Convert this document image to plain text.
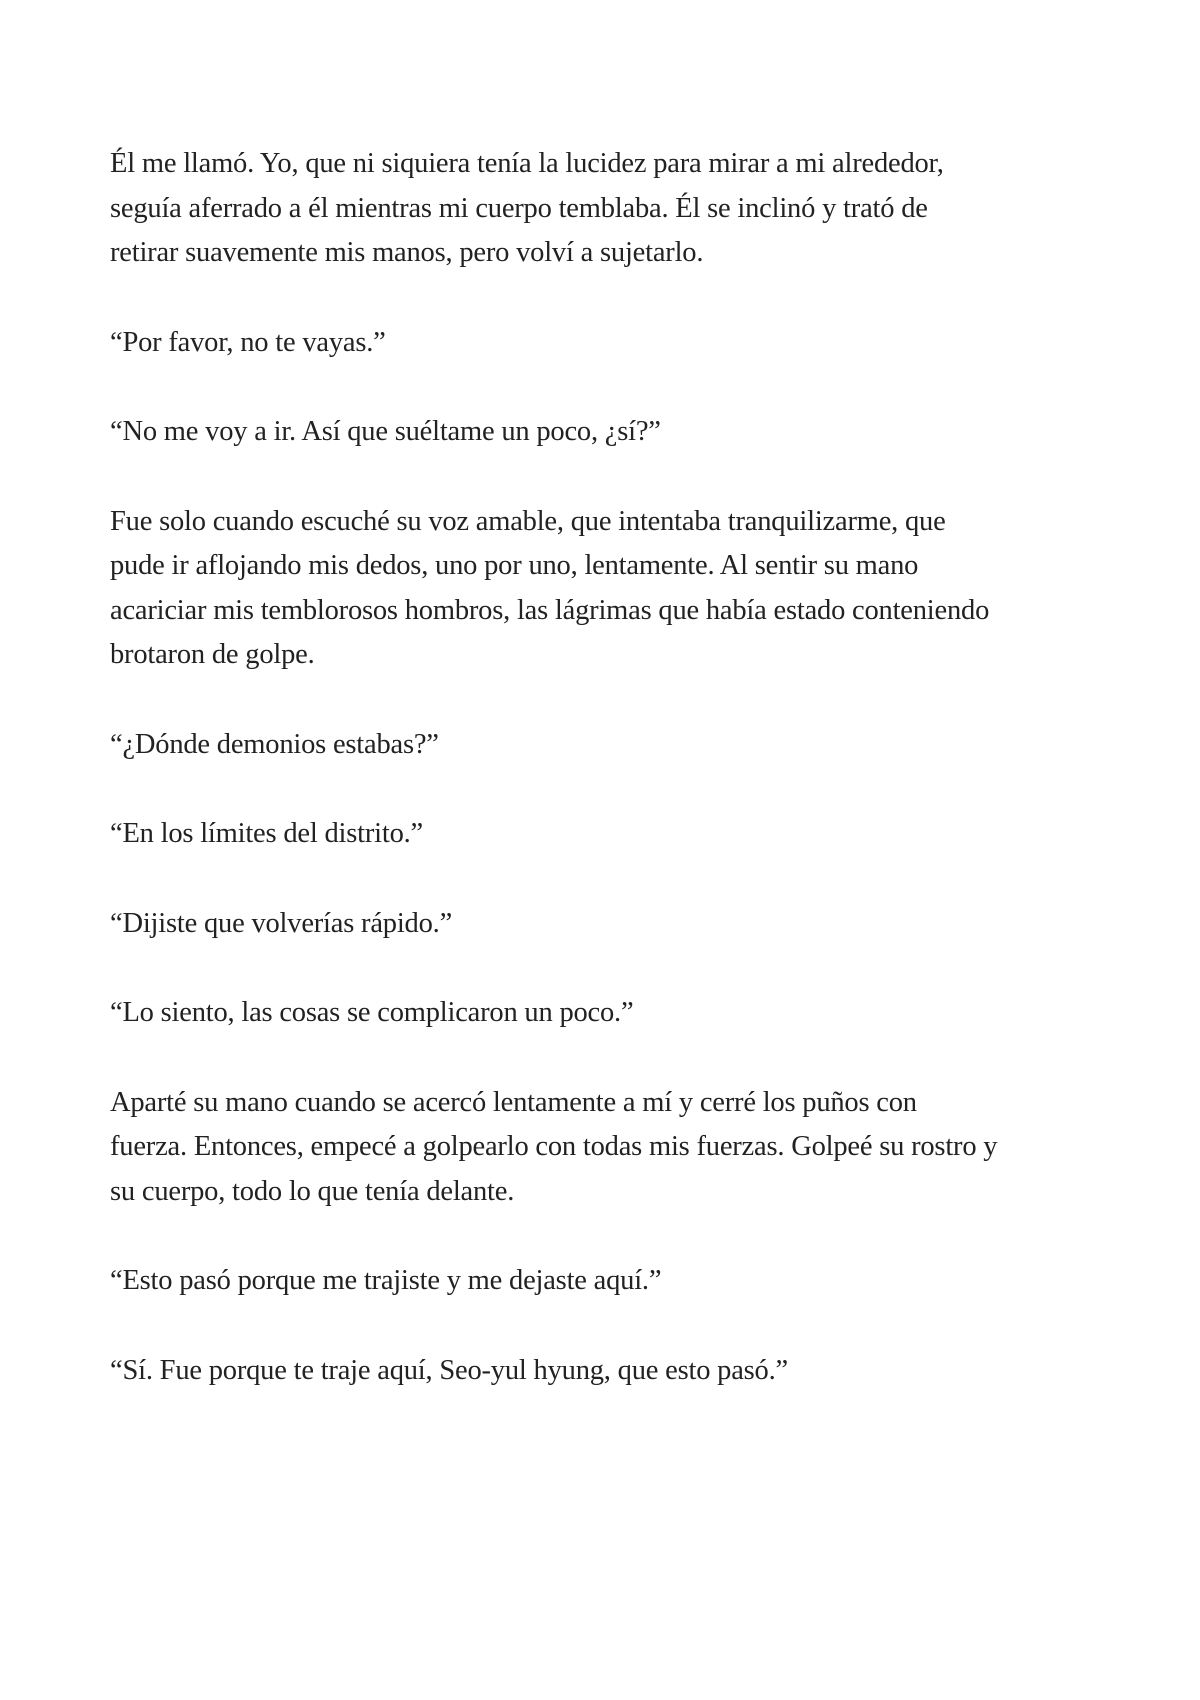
Él me llamó. Yo, que ni siquiera tenía la lucidez para mirar a mi alrededor, seguía aferrado a él mientras mi cuerpo temblaba. Él se inclinó y trató de retirar suavemente mis manos, pero volví a sujetarlo.

“Por favor, no te vayas.”

“No me voy a ir. Así que suéltame un poco, ¿sí?”

Fue solo cuando escuché su voz amable, que intentaba tranquilizarme, que pude ir aflojando mis dedos, uno por uno, lentamente. Al sentir su mano acariciar mis temblorosos hombros, las lágrimas que había estado conteniendo brotaron de golpe.

“¿Dónde demonios estabas?”

“En los límites del distrito.”

“Dijiste que volverías rápido.”

“Lo siento, las cosas se complicaron un poco.”

Aparté su mano cuando se acercó lentamente a mí y cerré los puños con fuerza. Entonces, empecé a golpearlo con todas mis fuerzas. Golpeé su rostro y su cuerpo, todo lo que tenía delante.

“Esto pasó porque me trajiste y me dejaste aquí.”

“Sí. Fue porque te traje aquí, Seo-yul hyung, que esto pasó.”
